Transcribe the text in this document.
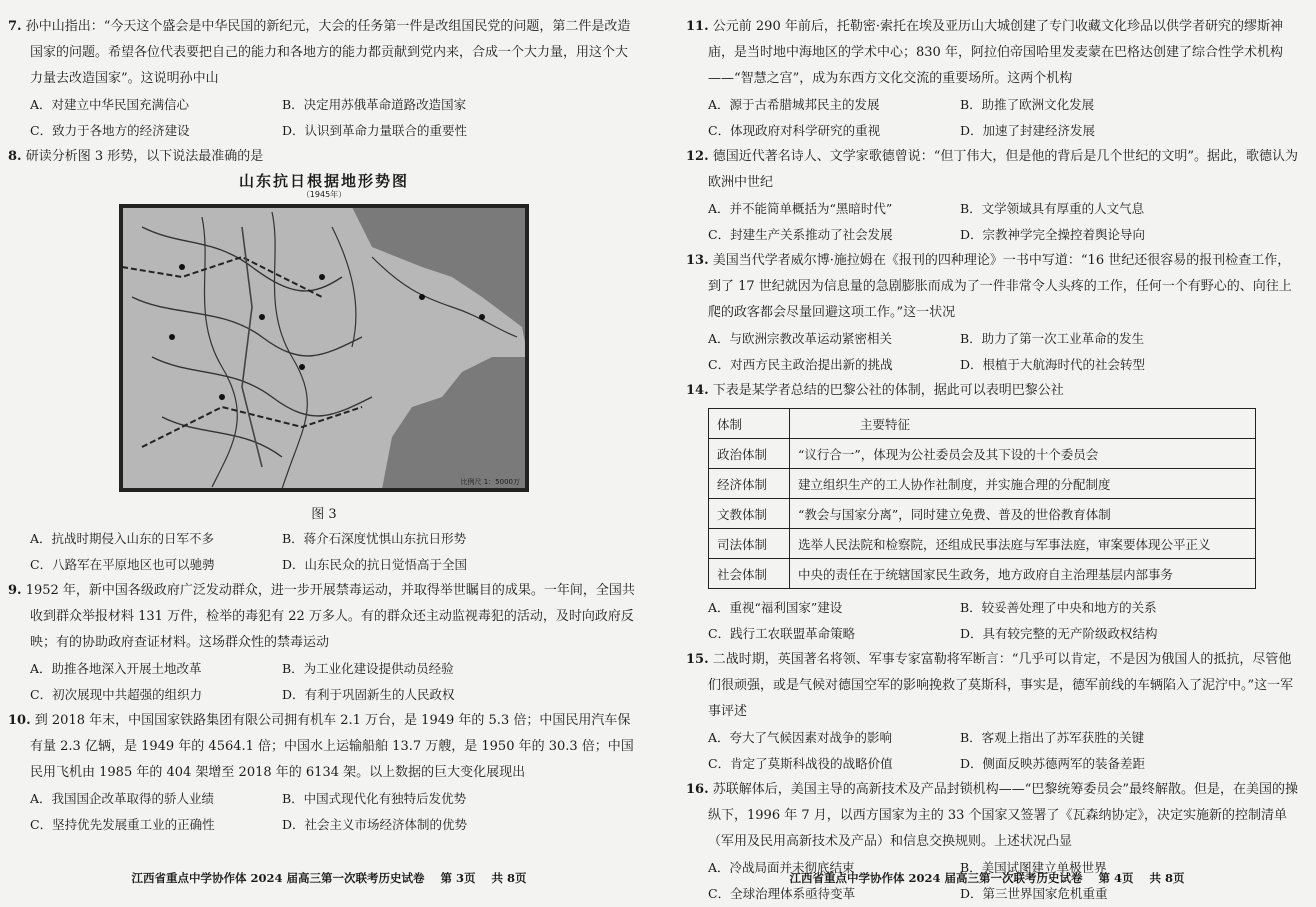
7. 孙中山指出：“今天这个盛会是中华民国的新纪元，大会的任务第一件是改组国民党的问题，第二件是改造国家的问题。希望各位代表要把自己的能力和各地方的能力都贡献到党内来，合成一个大力量，用这个大力量去改造国家”。这说明孙中山
A．对建立中华民国充满信心	B．决定用苏俄革命道路改造国家
C．致力于各地方的经济建设	D．认识到革命力量联合的重要性
8. 研读分析图 3 形势，以下说法最准确的是
山东抗日根据地形势图
（1945年）
比例尺 1：5000万
图 3
A．抗战时期侵入山东的日军不多	B．蒋介石深度忧惧山东抗日形势
C．八路军在平原地区也可以驰骋	D．山东民众的抗日觉悟高于全国
9. 1952 年，新中国各级政府广泛发动群众，进一步开展禁毒运动，并取得举世瞩目的成果。一年间，全国共收到群众举报材料 131 万件，检举的毒犯有 22 万多人。有的群众还主动监视毒犯的活动，及时向政府反映；有的协助政府查证材料。这场群众性的禁毒运动
A．助推各地深入开展土地改革	B．为工业化建设提供动员经验
C．初次展现中共超强的组织力	D．有利于巩固新生的人民政权
10. 到 2018 年末，中国国家铁路集团有限公司拥有机车 2.1 万台，是 1949 年的 5.3 倍；中国民用汽车保有量 2.3 亿辆，是 1949 年的 4564.1 倍；中国水上运输船舶 13.7 万艘，是 1950 年的 30.3 倍；中国民用飞机由 1985 年的 404 架增至 2018 年的 6134 架。以上数据的巨大变化展现出
A．我国国企改革取得的骄人业绩	B．中国式现代化有独特后发优势
C．坚持优先发展重工业的正确性	D．社会主义市场经济体制的优势
江西省重点中学协作体 2024 届高三第一次联考历史试卷 第 3页 共 8页
11. 公元前 290 年前后，托勒密·索托在埃及亚历山大城创建了专门收藏文化珍品以供学者研究的缪斯神庙，是当时地中海地区的学术中心；830 年，阿拉伯帝国哈里发麦蒙在巴格达创建了综合性学术机构——“智慧之宫”，成为东西方文化交流的重要场所。这两个机构
A．源于古希腊城邦民主的发展	B．助推了欧洲文化发展
C．体现政府对科学研究的重视	D．加速了封建经济发展
12. 德国近代著名诗人、文学家歌德曾说：“但丁伟大，但是他的背后是几个世纪的文明”。据此，歌德认为欧洲中世纪
A．并不能简单概括为“黑暗时代”	B．文学领域具有厚重的人文气息
C．封建生产关系推动了社会发展	D．宗教神学完全操控着舆论导向
13. 美国当代学者威尔博·施拉姆在《报刊的四种理论》一书中写道：“16 世纪还很容易的报刊检查工作，到了 17 世纪就因为信息量的急剧膨胀而成为了一件非常令人头疼的工作，任何一个有野心的、向往上爬的政客都会尽量回避这项工作。”这一状况
A．与欧洲宗教改革运动紧密相关	B．助力了第一次工业革命的发生
C．对西方民主政治提出新的挑战	D．根植于大航海时代的社会转型
14. 下表是某学者总结的巴黎公社的体制，据此可以表明巴黎公社
体制	主要特征
政治体制	“议行合一”，体现为公社委员会及其下设的十个委员会
经济体制	建立组织生产的工人协作社制度，并实施合理的分配制度
文教体制	“教会与国家分离”，同时建立免费、普及的世俗教育体制
司法体制	选举人民法院和检察院，还组成民事法庭与军事法庭，审案要体现公平正义
社会体制	中央的责任在于统辖国家民生政务，地方政府自主治理基层内部事务
A．重视“福利国家”建设	B．较妥善处理了中央和地方的关系
C．践行工农联盟革命策略	D．具有较完整的无产阶级政权结构
15. 二战时期，英国著名将领、军事专家富勒将军断言：“几乎可以肯定，不是因为俄国人的抵抗，尽管他们很顽强，或是气候对德国空军的影响挽救了莫斯科，事实是，德军前线的车辆陷入了泥泞中。”这一军事评述
A．夸大了气候因素对战争的影响	B．客观上指出了苏军获胜的关键
C．肯定了莫斯科战役的战略价值	D．侧面反映苏德两军的装备差距
16. 苏联解体后，美国主导的高新技术及产品封锁机构——“巴黎统筹委员会”最终解散。但是，在美国的操纵下，1996 年 7 月，以西方国家为主的 33 个国家又签署了《瓦森纳协定》，决定实施新的控制清单（军用及民用高新技术及产品）和信息交换规则。上述状况凸显
A．冷战局面并未彻底结束	B．美国试图建立单极世界
C．全球治理体系亟待变革	D．第三世界国家危机重重
江西省重点中学协作体 2024 届高三第一次联考历史试卷 第 4页 共 8页
